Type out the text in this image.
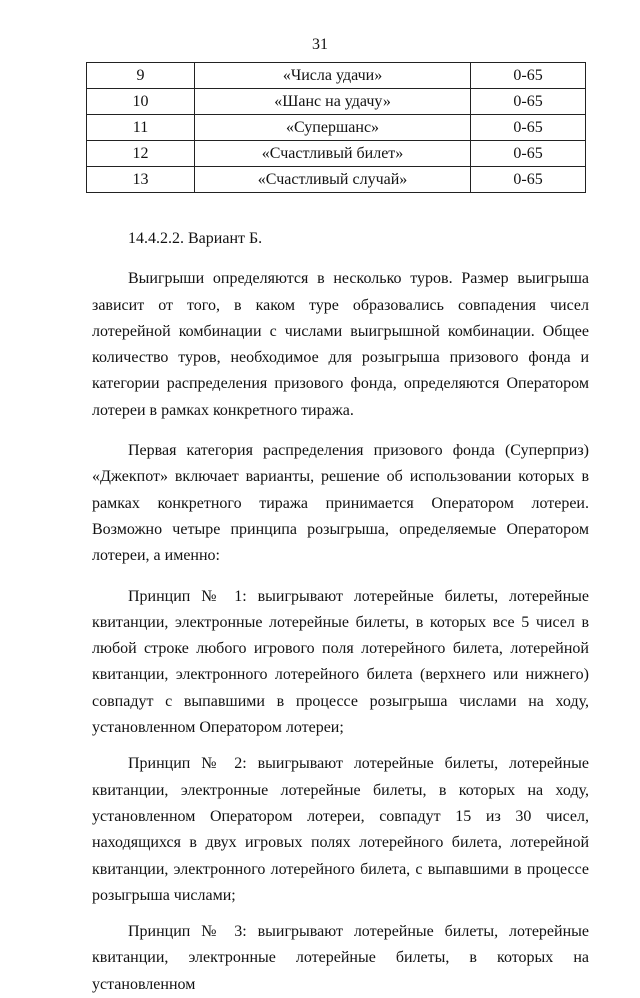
31
9	«Числа удачи»	0-65
10	«Шанс на удачу»	0-65
11	«Супершанс»	0-65
12	«Счастливый билет»	0-65
13	«Счастливый случай»	0-65

14.4.2.2. Вариант Б.

Выигрыши определяются в несколько туров. Размер выигрыша зависит от того, в каком туре образовались совпадения чисел лотерейной комбинации с числами выигрышной комбинации. Общее количество туров, необходимое для розыгрыша призового фонда и категории распределения призового фонда, определяются Оператором лотереи в рамках конкретного тиража.

Первая категория распределения призового фонда (Суперприз) «Джекпот» включает варианты, решение об использовании которых в рамках конкретного тиража принимается Оператором лотереи. Возможно четыре принципа розыгрыша, определяемые Оператором лотереи, а именно:

Принцип № 1: выигрывают лотерейные билеты, лотерейные квитанции, электронные лотерейные билеты, в которых все 5 чисел в любой строке любого игрового поля лотерейного билета, лотерейной квитанции, электронного лотерейного билета (верхнего или нижнего) совпадут с выпавшими в процессе розыгрыша числами на ходу, установленном Оператором лотереи;

Принцип № 2: выигрывают лотерейные билеты, лотерейные квитанции, электронные лотерейные билеты, в которых на ходу, установленном Оператором лотереи, совпадут 15 из 30 чисел, находящихся в двух игровых полях лотерейного билета, лотерейной квитанции, электронного лотерейного билета, с выпавшими в процессе розыгрыша числами;

Принцип № 3: выигрывают лотерейные билеты, лотерейные квитанции, электронные лотерейные билеты, в которых на установленном
